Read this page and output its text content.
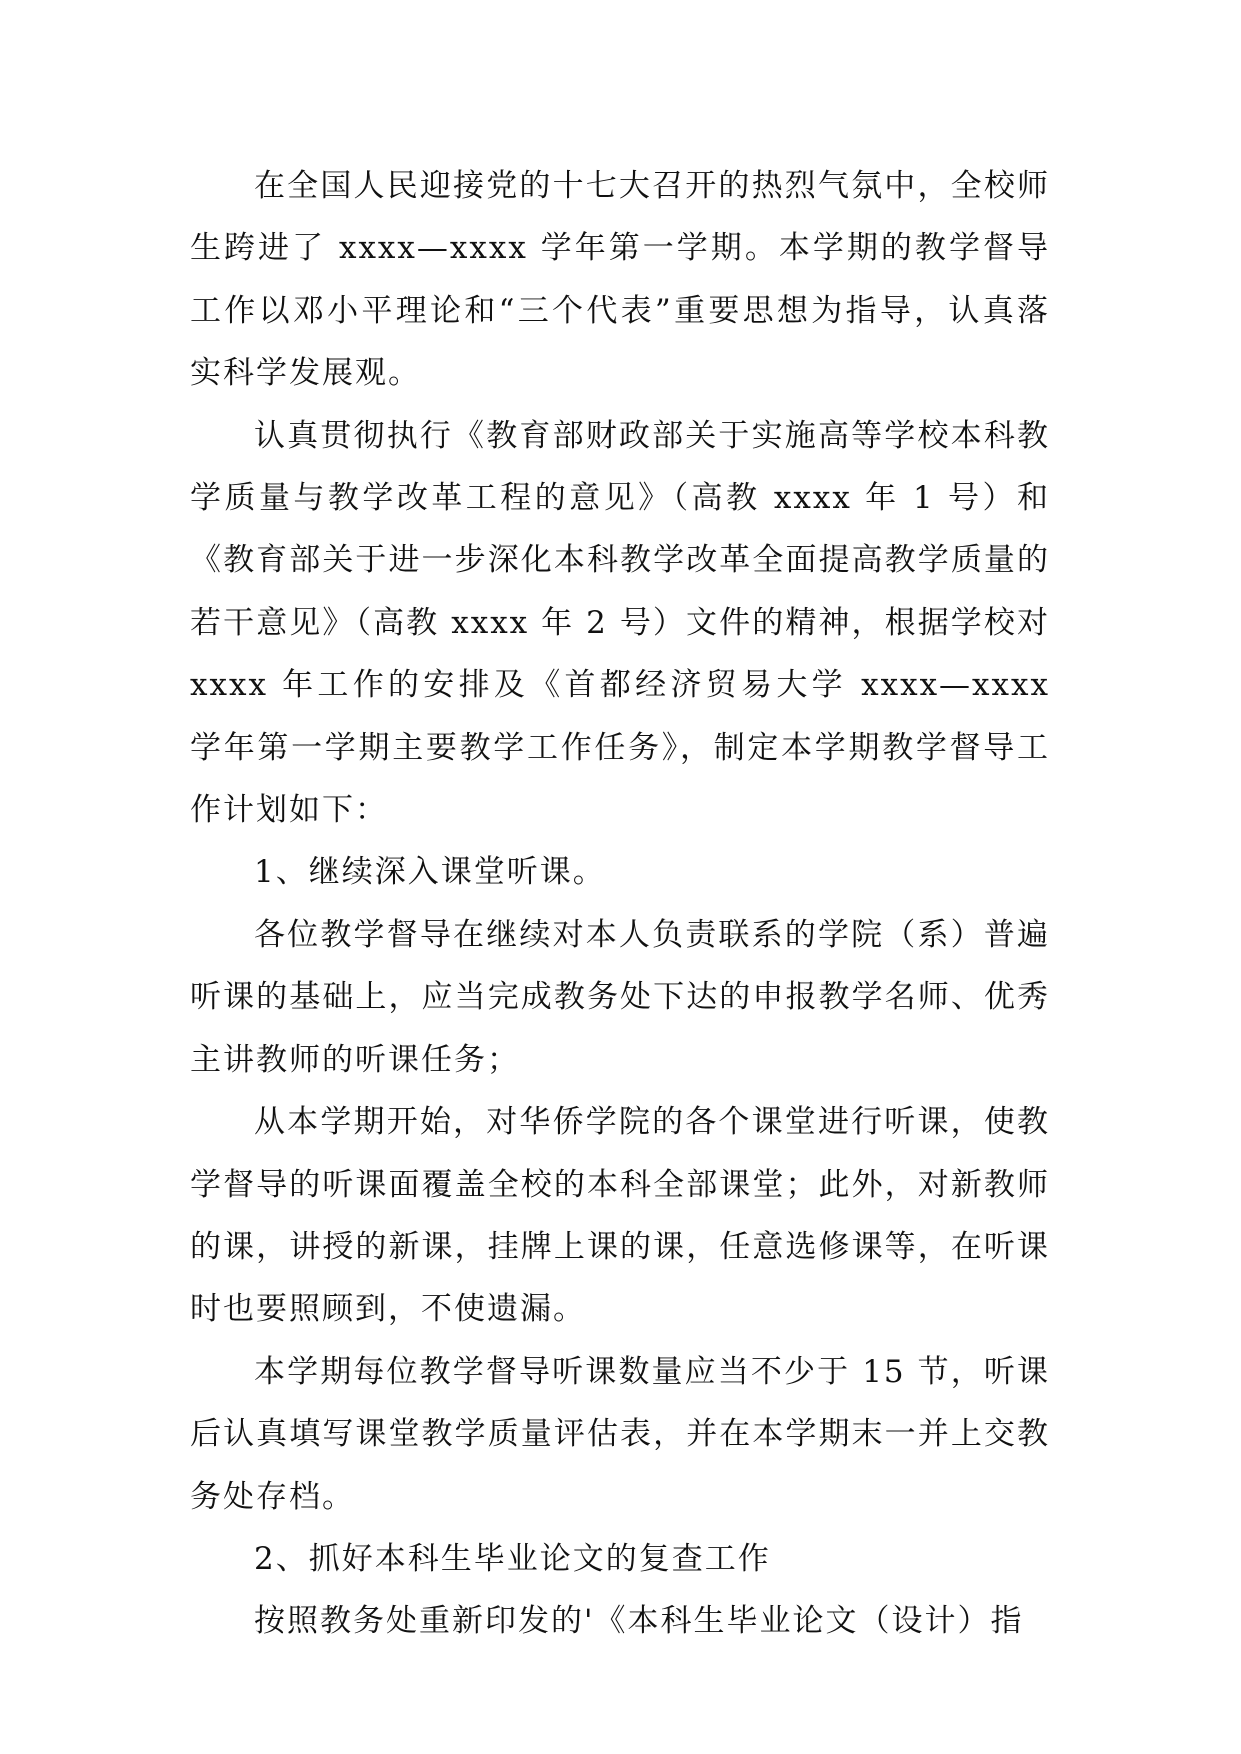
在全国人民迎接党的十七大召开的热烈气氛中，全校师生跨进了 xxxx—xxxx 学年第一学期。本学期的教学督导工作以邓小平理论和“三个代表”重要思想为指导，认真落实科学发展观。

认真贯彻执行《教育部财政部关于实施高等学校本科教学质量与教学改革工程的意见》（高教 xxxx 年 1 号）和《教育部关于进一步深化本科教学改革全面提高教学质量的若干意见》（高教 xxxx 年 2 号）文件的精神，根据学校对 xxxx 年工作的安排及《首都经济贸易大学 xxxx—xxxx 学年第一学期主要教学工作任务》，制定本学期教学督导工作计划如下：

1、继续深入课堂听课。

各位教学督导在继续对本人负责联系的学院（系）普遍听课的基础上，应当完成教务处下达的申报教学名师、优秀主讲教师的听课任务；

从本学期开始，对华侨学院的各个课堂进行听课，使教学督导的听课面覆盖全校的本科全部课堂；此外，对新教师的课，讲授的新课，挂牌上课的课，任意选修课等，在听课时也要照顾到，不使遗漏。

本学期每位教学督导听课数量应当不少于 15 节，听课后认真填写课堂教学质量评估表，并在本学期末一并上交教务处存档。

2、抓好本科生毕业论文的复查工作

按照教务处重新印发的'《本科生毕业论文（设计）指
